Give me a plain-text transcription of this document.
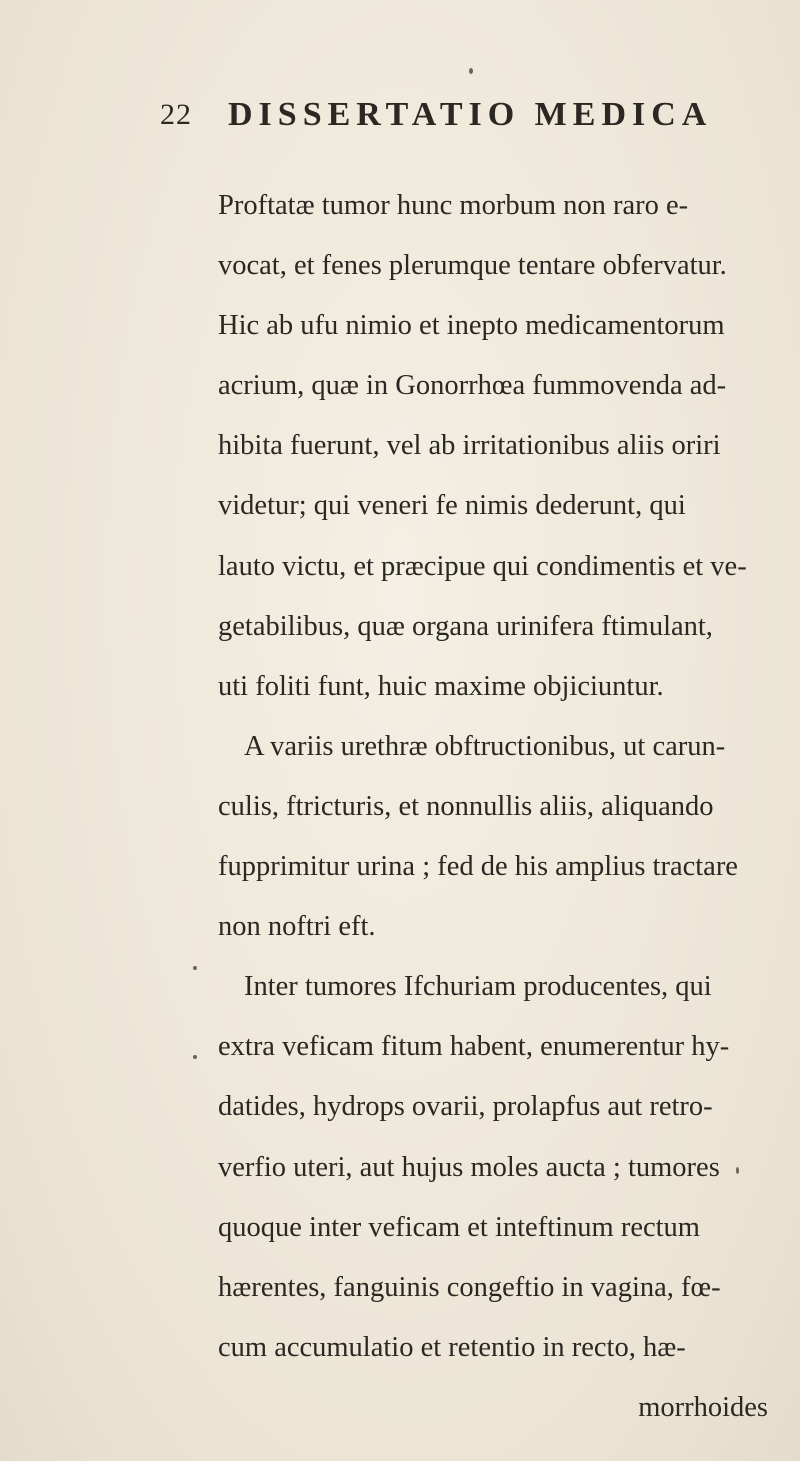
22 DISSERTATIO MEDICA
Proftatæ tumor hunc morbum non raro e-
vocat, et fenes plerumque tentare obfervatur.
Hic ab ufu nimio et inepto medicamentorum
acrium, quæ in Gonorrhœa fummovenda ad-
hibita fuerunt, vel ab irritationibus aliis oriri
videtur; qui veneri fe nimis dederunt, qui
lauto victu, et præcipue qui condimentis et ve-
getabilibus, quæ organa urinifera ftimulant,
uti foliti funt, huic maxime objiciuntur.
A variis urethræ obftructionibus, ut carun-
culis, ftricturis, et nonnullis aliis, aliquando
fupprimitur urina ; fed de his amplius tractare
non noftri eft.
Inter tumores Ifchuriam producentes, qui
extra veficam fitum habent, enumerentur hy-
datides, hydrops ovarii, prolapfus aut retro-
verfio uteri, aut hujus moles aucta ; tumores
quoque inter veficam et inteftinum rectum
hærentes, fanguinis congeftio in vagina, fœ-
cum accumulatio et retentio in recto, hæ-
morrhoides
